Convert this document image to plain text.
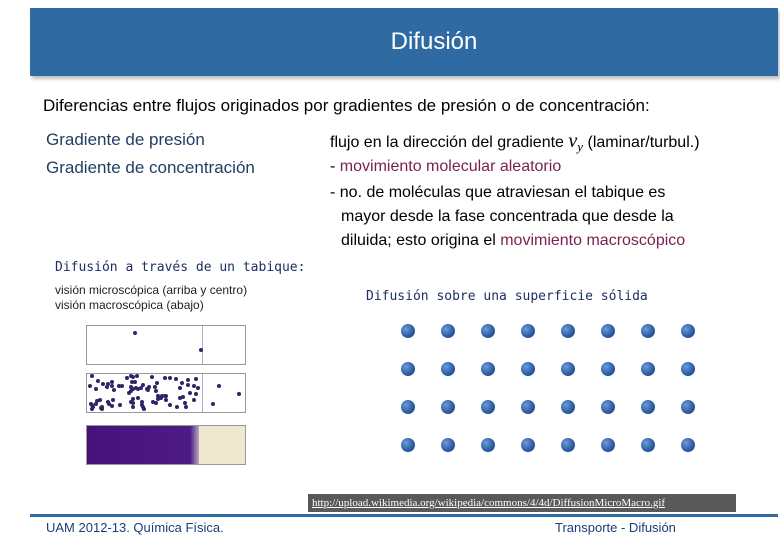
Difusión
Diferencias entre flujos originados por gradientes de presión o de concentración:
Gradiente de presión
Gradiente de concentración
flujo en la dirección del gradiente $v_y$ (laminar/turbul.)
- movimiento molecular aleatorio
- no. de moléculas que atraviesan el tabique es
mayor desde la fase concentrada que desde la
diluida; esto origina el movimiento macroscópico
Difusión a través de un tabique:
visión microscópica (arriba y centro)
visión macroscópica (abajo)
Difusión sobre una superficie sólida
http://upload.wikimedia.org/wikipedia/commons/4/4d/DiffusionMicroMacro.gif
UAM 2012-13. Química Física.	Transporte - Difusión
